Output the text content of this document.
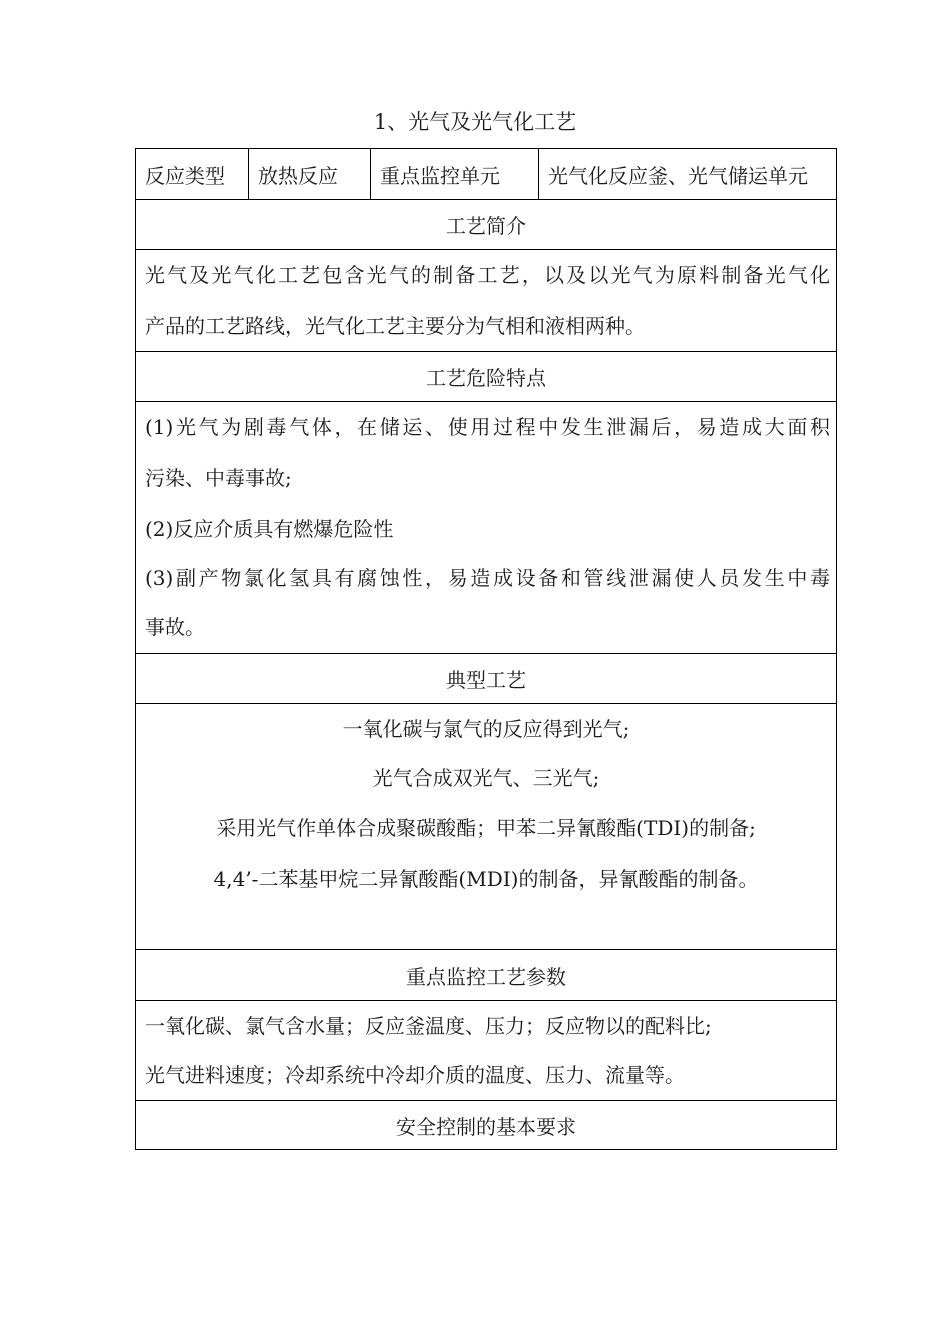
1、光气及光气化工艺
反应类型	放热反应	重点监控单元	光气化反应釜、光气储运单元
工艺简介
光气及光气化工艺包含光气的制备工艺，以及以光气为原料制备光气化
产品的工艺路线，光气化工艺主要分为气相和液相两种。
工艺危险特点
(1)光气为剧毒气体，在储运、使用过程中发生泄漏后，易造成大面积
污染、中毒事故;
(2)反应介质具有燃爆危险性
(3)副产物氯化氢具有腐蚀性，易造成设备和管线泄漏使人员发生中毒
事故。
典型工艺
一氧化碳与氯气的反应得到光气;
光气合成双光气、三光气;
采用光气作单体合成聚碳酸酯；甲苯二异氰酸酯(TDI)的制备;
4,4’-二苯基甲烷二异氰酸酯(MDI)的制备，异氰酸酯的制备。
重点监控工艺参数
一氧化碳、氯气含水量；反应釜温度、压力；反应物以的配料比;
光气进料速度；冷却系统中冷却介质的温度、压力、流量等。
安全控制的基本要求
